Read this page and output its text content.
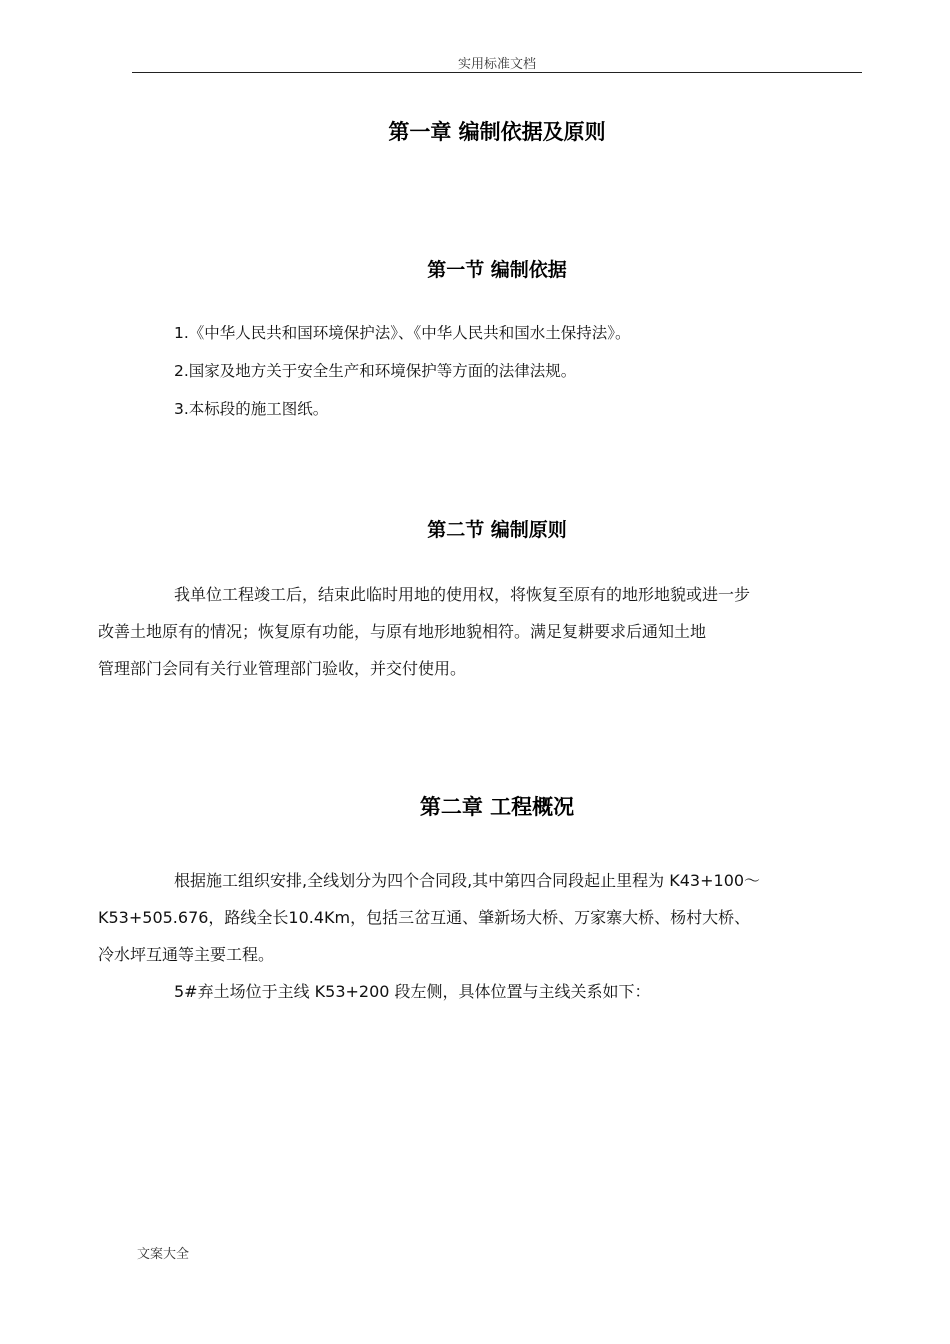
实用标准文档
第一章 编制依据及原则
第一节 编制依据
1.《中华人民共和国环境保护法》、《中华人民共和国水土保持法》。
2.国家及地方关于安全生产和环境保护等方面的法律法规。
3.本标段的施工图纸。
第二节 编制原则
我单位工程竣工后，结束此临时用地的使用权，将恢复至原有的地形地貌或进一步
改善土地原有的情况；恢复原有功能，与原有地形地貌相符。满足复耕要求后通知土地
管理部门会同有关行业管理部门验收，并交付使用。
第二章 工程概况
根据施工组织安排,全线划分为四个合同段,其中第四合同段起止里程为 K43+100～
K53+505.676，路线全长10.4Km，包括三岔互通、肇新场大桥、万家寨大桥、杨村大桥、
冷水坪互通等主要工程。
5#弃土场位于主线 K53+200 段左侧，具体位置与主线关系如下：
文案大全
